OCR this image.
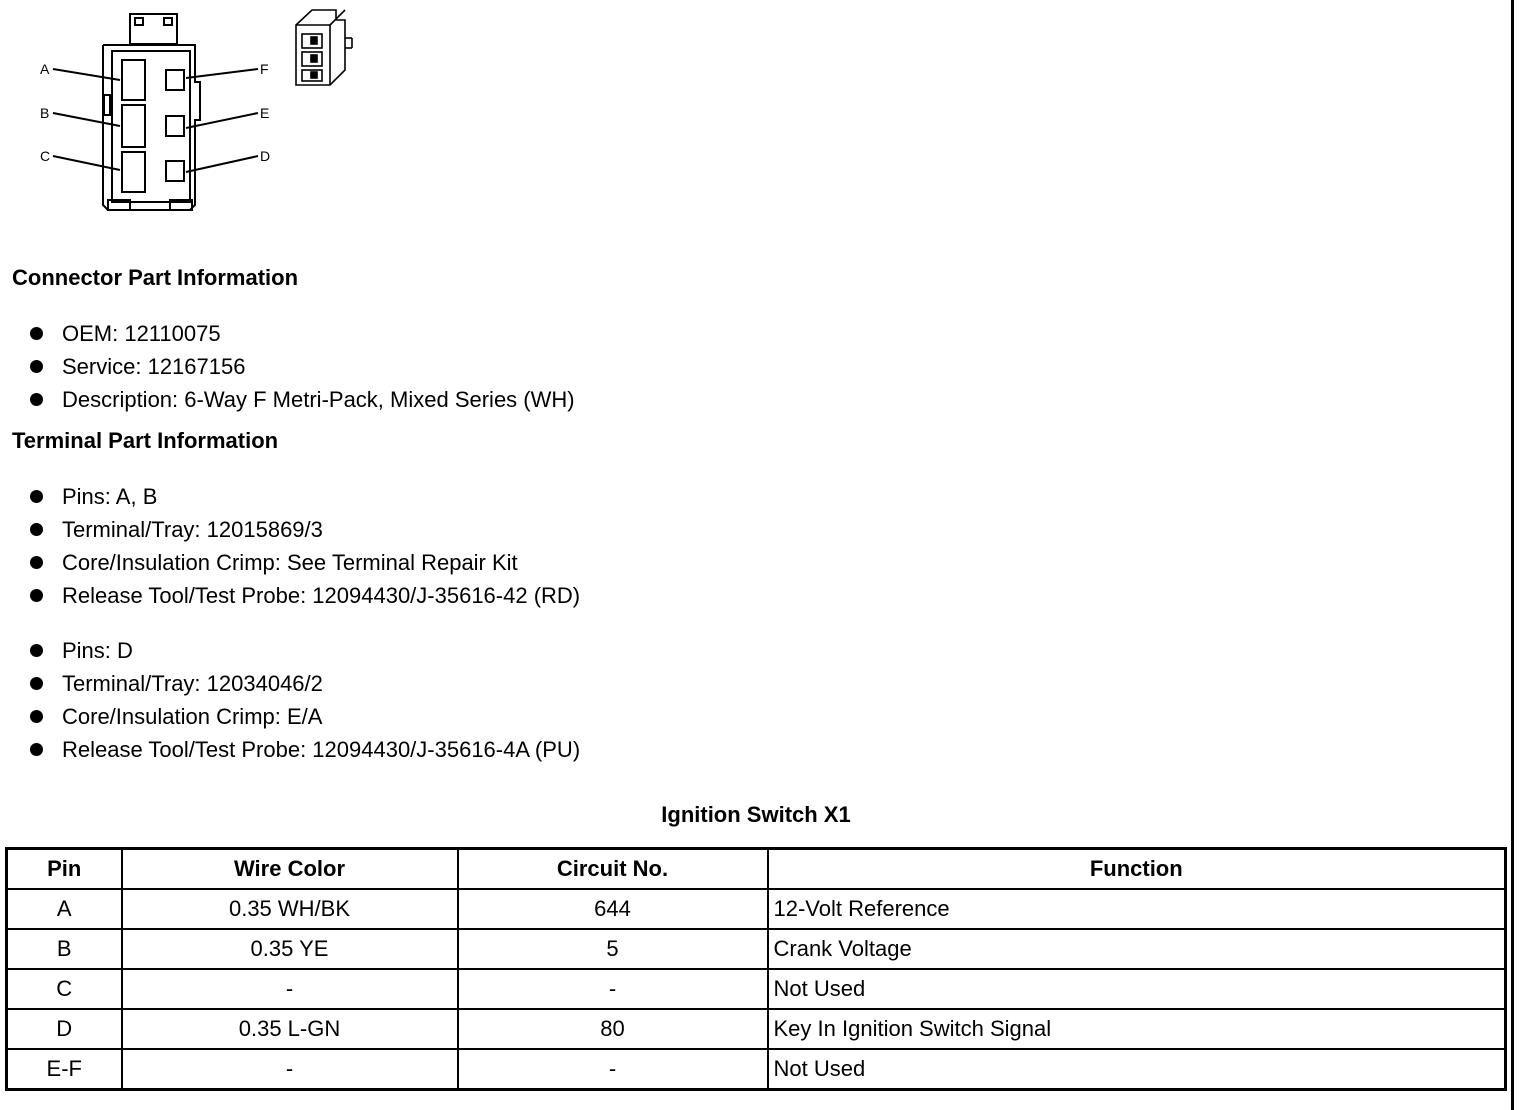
A
B
C
F
E
D
Connector Part Information
OEM: 12110075
Service: 12167156
Description: 6-Way F Metri-Pack, Mixed Series (WH)
Terminal Part Information
Pins: A, B
Terminal/Tray: 12015869/3
Core/Insulation Crimp: See Terminal Repair Kit
Release Tool/Test Probe: 12094430/J-35616-42 (RD)
Pins: D
Terminal/Tray: 12034046/2
Core/Insulation Crimp: E/A
Release Tool/Test Probe: 12094430/J-35616-4A (PU)
Ignition Switch X1
Pin	Wire Color	Circuit No.	Function
A	0.35 WH/BK	644	12-Volt Reference
B	0.35 YE	5	Crank Voltage
C	-	-	Not Used
D	0.35 L-GN	80	Key In Ignition Switch Signal
E-F	-	-	Not Used
